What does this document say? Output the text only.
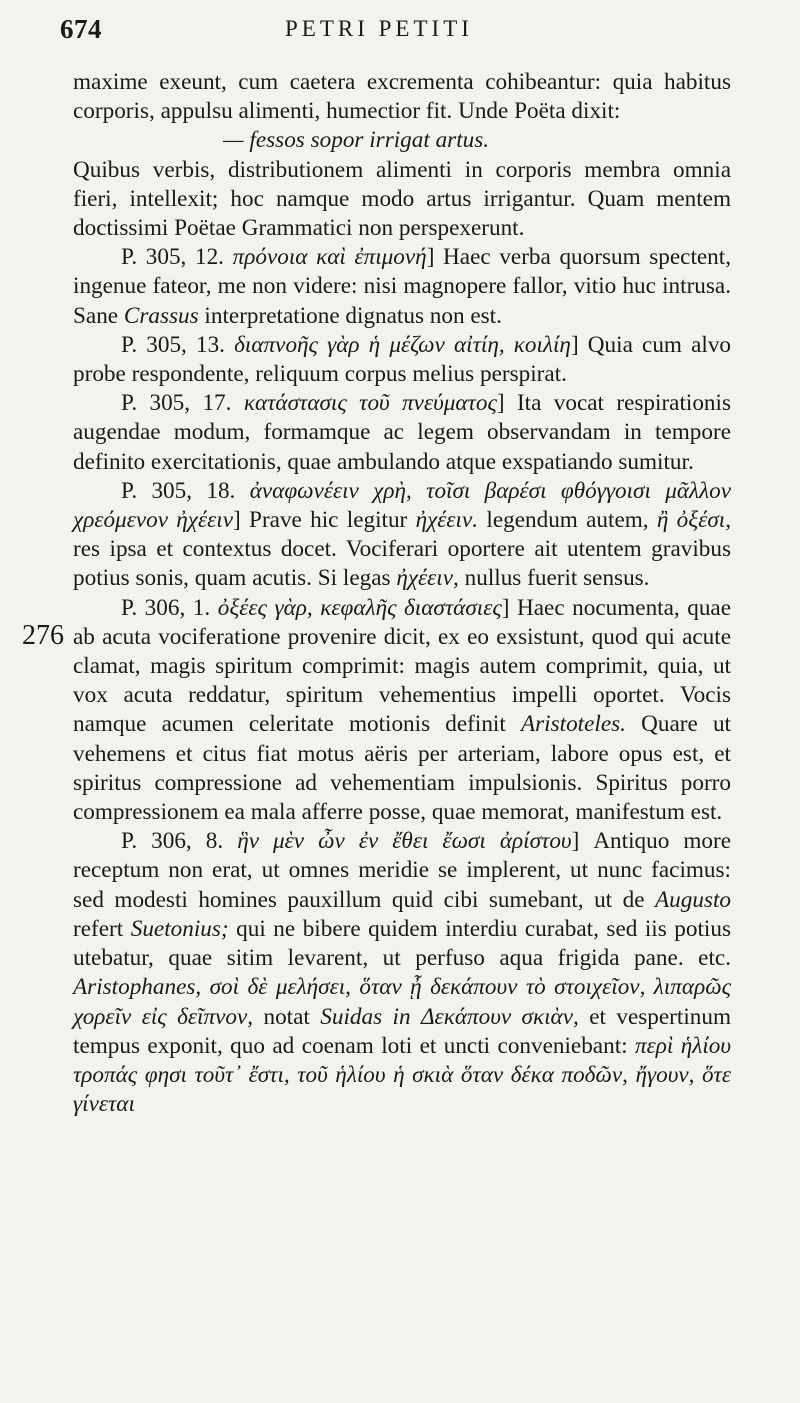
674	PETRI PETITI
276

maxime exeunt, cum caetera excrementa cohibeantur: quia habitus corporis, appulsu alimenti, humectior fit. Unde Poëta dixit:

— fessos sopor irrigat artus.

Quibus verbis, distributionem alimenti in corporis membra omnia fieri, intellexit; hoc namque modo artus irrigantur. Quam mentem doctissimi Poëtae Grammatici non perspexerunt.

P. 305, 12. πρόνοια καὶ ἐπιμονή] Haec verba quorsum spectent, ingenue fateor, me non videre: nisi magnopere fallor, vitio huc intrusa. Sane Crassus interpretatione dignatus non est.

P. 305, 13. διαπνοῆς γὰρ ἡ μέζων αἰτίη, κοιλίη] Quia cum alvo probe respondente, reliquum corpus melius perspirat.

P. 305, 17. κατάστασις τοῦ πνεύματος] Ita vocat respirationis augendae modum, formamque ac legem observandam in tempore definito exercitationis, quae ambulando atque exspatiando sumitur.

P. 305, 18. ἀναφωνέειν χρὴ, τοῖσι βαρέσι φθόγγοισι μᾶλλον χρεόμενον ἠχέειν] Prave hic legitur ἠχέειν. legendum autem, ἢ ὀξέσι, res ipsa et contextus docet. Vociferari oportere ait utentem gravibus potius sonis, quam acutis. Si legas ἠχέειν, nullus fuerit sensus.

P. 306, 1. ὀξέες γὰρ, κεφαλῆς διαστάσιες] Haec nocumenta, quae ab acuta vociferatione provenire dicit, ex eo exsistunt, quod qui acute clamat, magis spiritum comprimit: magis autem comprimit, quia, ut vox acuta reddatur, spiritum vehementius impelli oportet. Vocis namque acumen celeritate motionis definit Aristoteles. Quare ut vehemens et citus fiat motus aëris per arteriam, labore opus est, et spiritus compressione ad vehementiam impulsionis. Spiritus porro compressionem ea mala afferre posse, quae memorat, manifestum est.

P. 306, 8. ἣν μὲν ὦν ἐν ἔθει ἔωσι ἀρίστου] Antiquo more receptum non erat, ut omnes meridie se implerent, ut nunc facimus: sed modesti homines pauxillum quid cibi sumebant, ut de Augusto refert Suetonius; qui ne bibere quidem interdiu curabat, sed iis potius utebatur, quae sitim levarent, ut perfuso aqua frigida pane. etc. Aristophanes, σοὶ δὲ μελήσει, ὅταν ᾖ δεκάπουν τὸ στοιχεῖον, λιπαρῶς χορεῖν εἰς δεῖπνον, notat Suidas in Δεκάπουν σκιὰν, et vespertinum tempus exponit, quo ad coenam loti et uncti conveniebant: περὶ ἡλίου τροπάς φησι τοῦτ᾽ ἔστι, τοῦ ἡλίου ἡ σκιὰ ὅταν δέκα ποδῶν, ἤγουν, ὅτε γίνεται
